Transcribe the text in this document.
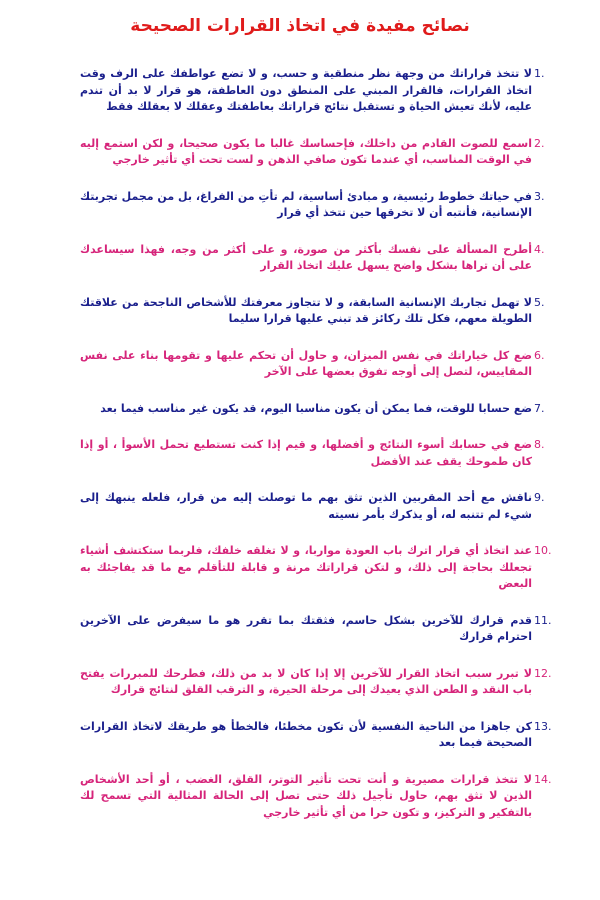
نصائح مفيدة في اتخاذ القرارات الصحيحة
1.
لا تتخذ قراراتك من وجهة نظر منطقية و حسب، و لا تضع عواطفك على الرف وقت اتخاذ القرارات، فالقرار المبني على المنطق دون العاطفة، هو قرار لا بد أن تندم عليه، لأنك تعيش الحياة و تستقبل نتائج قراراتك بعاطفتك وعقلك لا بعقلك فقط
2.
اسمع للصوت القادم من داخلك، فإحساسك غالبا ما يكون صحيحا، و لكن استمع إليه في الوقت المناسب، أي عندما تكون صافي الذهن و لست تحت أي تأثير خارجي
3.
في حياتك خطوط رئيسية، و مبادئ أساسية، لم تأتِ من الفراغ، بل من مجمل تجربتك الإنسانية، فأنتبه أن لا تخرقها حين تتخذ أي قرار
4.
أطرح المسألة على نفسك بأكثر من صورة، و على أكثر من وجه، فهذا سيساعدك على أن تراها بشكل واضح يسهل عليك اتخاذ القرار
5.
لا تهمل تجاربك الإنسانية السابقة، و لا تتجاوز معرفتك للأشخاص الناجحة من علاقتك الطويلة معهم، فكل تلك ركائز قد تبني عليها قرارا سليما
6.
ضع كل خياراتك في نفس الميزان، و حاول أن تحكم عليها و تقومها بناء على نفس المقاييس، لتصل إلى أوجه تفوق بعضها على الآخر
7.
ضع حسابا للوقت، فما يمكن أن يكون مناسبا اليوم، قد يكون غير مناسب فيما بعد
8.
ضع في حسابك أسوء النتائج و أفضلها، و قيم إذا كنت تستطيع تحمل الأسوأ ، أو إذا كان طموحك يقف عند الأفضل
9.
ناقش مع أحد المقربين الذين تثق بهم ما توصلت إليه من قرار، فلعله ينبهك إلى شيء لم تتنبه له، أو يذكرك بأمر نسيته
10.
عند اتخاذ أي قرار اترك باب العودة مواربا، و لا تغلقه خلفك، فلربما ستكتشف أشياء تجعلك بحاجة إلى ذلك، و لتكن قراراتك مرنة و قابلة للتأقلم مع ما قد يفاجئك به البعض
11.
قدم قرارك للآخرين بشكل حاسم، فثقتك بما تقرر هو ما سيفرض على الآخرين احترام قرارك
12.
لا تبرر سبب اتخاذ القرار للآخرين إلا إذا كان لا بد من ذلك، فطرحك للمبررات يفتح باب النقد و الطعن الذي يعيدك إلى مرحلة الحيرة، و الترقب القلق لنتائج قرارك
13.
كن جاهزا من الناحية النفسية لأن تكون مخطئا، فالخطأ هو طريقك لاتخاذ القرارات الصحيحة فيما بعد
14.
لا تتخذ قرارات مصيرية و أنت تحت تأثير التوتر، القلق، الغضب ، أو أحد الأشخاص الذين لا تثق بهم، حاول تأجيل ذلك حتى تصل إلى الحالة المثالية التي تسمح لك بالتفكير و التركيز، و تكون حرا من أي تأثير خارجي
